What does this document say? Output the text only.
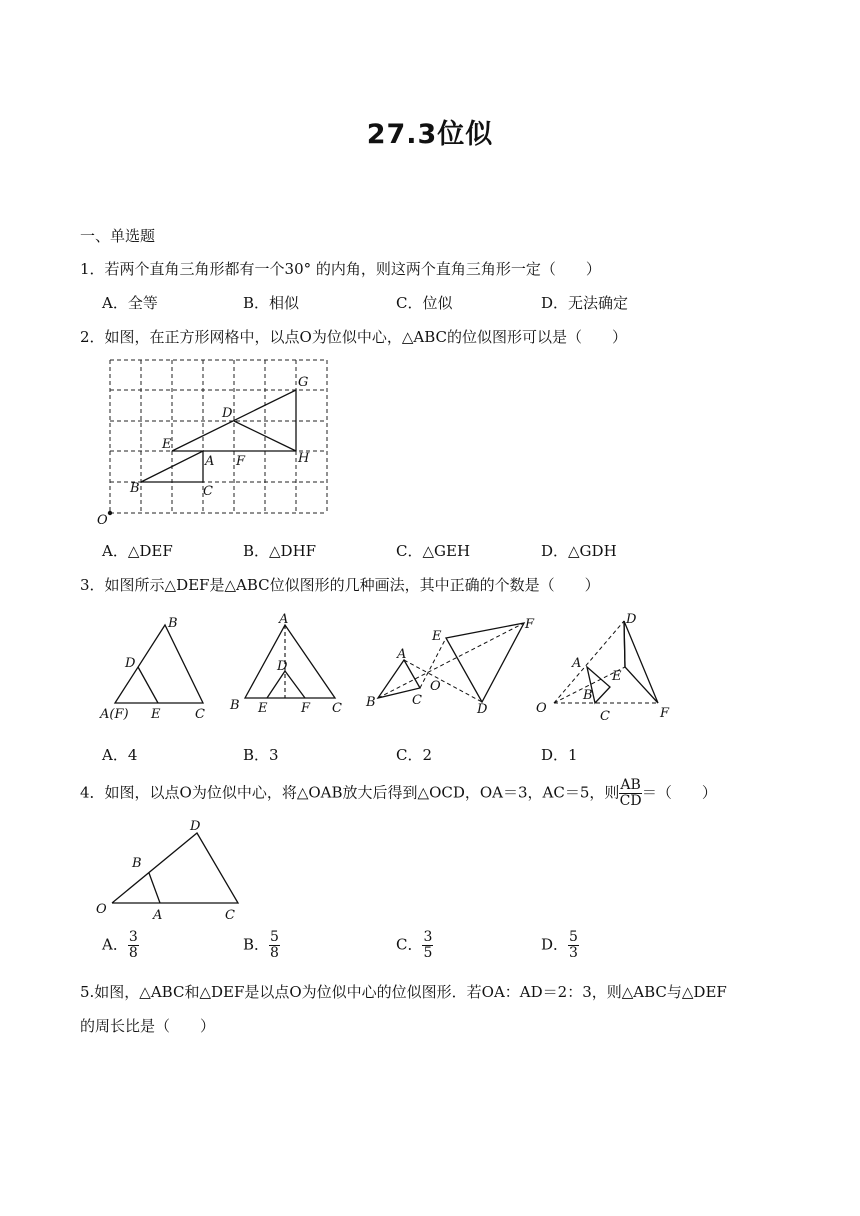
27.3位似
一、单选题
1．若两个直角三角形都有一个30° 的内角，则这两个直角三角形一定（　　）
A．全等	B．相似	C．位似	D．无法确定
2．如图，在正方形网格中，以点O为位似中心，△ABC的位似图形可以是（　　）
G
D
E
A F	H
B	C
O
A．△DEF	B．△DHF	C．△GEH	D．△GDH
3．如图所示△DEF是△ABC位似图形的几种画法，其中正确的个数是（　　）
B
D
A(F) E	C
A
D
B E	F C
A
E
F
O
B	C
D
D
A
E
B
O
C	F
A．4	B．3	C．2	D．1
4．如图，以点O为位似中心，将△OAB放大后得到△OCD，OA＝3，AC＝5，则 $\frac{AB}{CD}$ ＝（　　）
D
B
O	A	C
A． $\frac{3}{8}$	B． $\frac{5}{8}$	C． $\frac{3}{5}$	D． $\frac{5}{3}$
5.如图，△ABC和△DEF是以点O为位似中心的位似图形．若OA：AD＝2：3，则△ABC与△DEF
的周长比是（　　）
